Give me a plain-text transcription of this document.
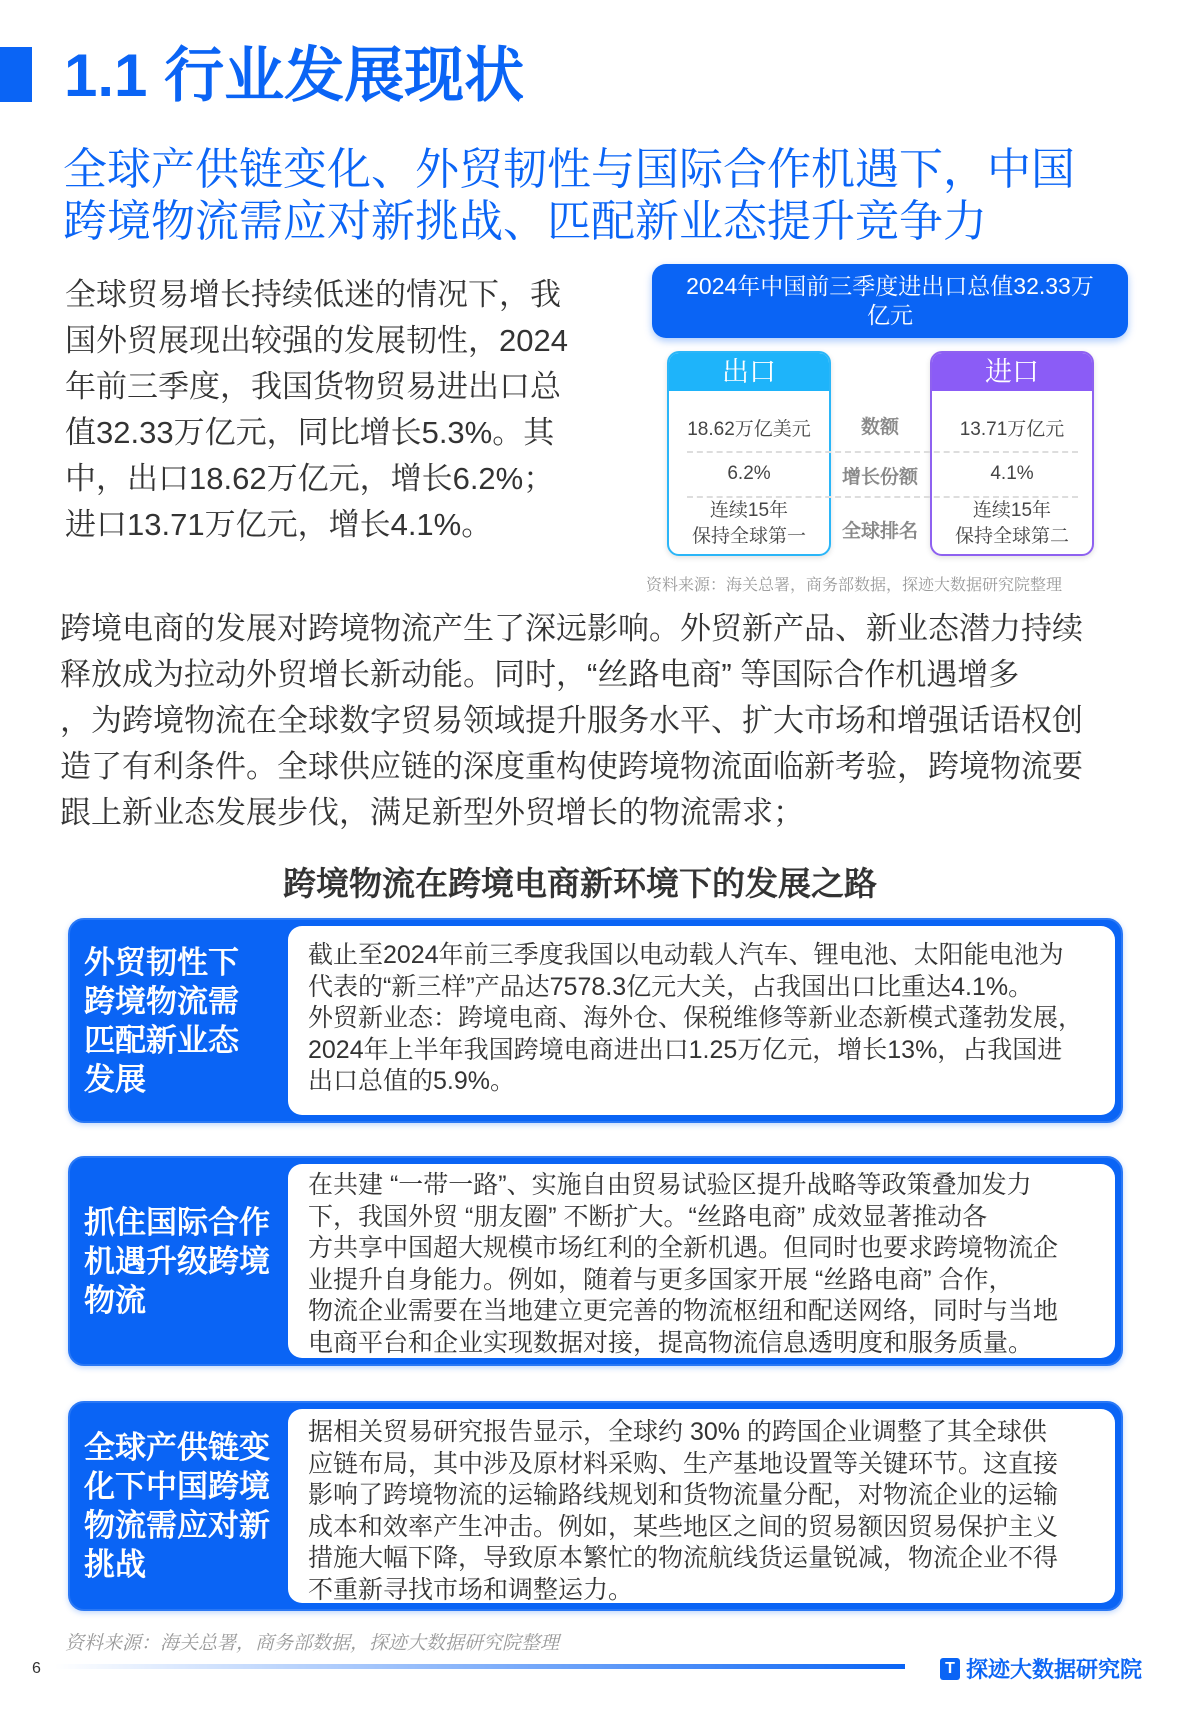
1.1 行业发展现状
全球产供链变化、外贸韧性与国际合作机遇下，中国
跨境物流需应对新挑战、匹配新业态提升竞争力
全球贸易增长持续低迷的情况下，我
国外贸展现出较强的发展韧性，2024
年前三季度，我国货物贸易进出口总
值32.33万亿元，同比增长5.3%。其
中，出口18.62万亿元，增长6.2%；
进口13.71万亿元，增长4.1%。
2024年中国前三季度进出口总值32.33万
亿元
出口
18.62万亿美元
6.2%
连续15年
保持全球第一
进口
13.71万亿元
4.1%
连续15年
保持全球第二
数额
增长份额
全球排名
资料来源：海关总署，商务部数据，探迹大数据研究院整理
跨境电商的发展对跨境物流产生了深远影响。外贸新产品、新业态潜力持续
释放成为拉动外贸增长新动能。同时，“丝路电商” 等国际合作机遇增多
，为跨境物流在全球数字贸易领域提升服务水平、扩大市场和增强话语权创
造了有利条件。全球供应链的深度重构使跨境物流面临新考验，跨境物流要
跟上新业态发展步伐，满足新型外贸增长的物流需求；
跨境物流在跨境电商新环境下的发展之路
外贸韧性下
跨境物流需
匹配新业态
发展
截止至2024年前三季度我国以电动载人汽车、锂电池、太阳能电池为
代表的“新三样”产品达7578.3亿元大关，占我国出口比重达4.1%。
外贸新业态：跨境电商、海外仓、保税维修等新业态新模式蓬勃发展，
2024年上半年我国跨境电商进出口1.25万亿元，增长13%，占我国进
出口总值的5.9%。
抓住国际合作
机遇升级跨境
物流
在共建 “一带一路”、实施自由贸易试验区提升战略等政策叠加发力
下，我国外贸 “朋友圈” 不断扩大。“丝路电商” 成效显著推动各
方共享中国超大规模市场红利的全新机遇。但同时也要求跨境物流企
业提升自身能力。例如，随着与更多国家开展 “丝路电商” 合作，
物流企业需要在当地建立更完善的物流枢纽和配送网络，同时与当地
电商平台和企业实现数据对接，提高物流信息透明度和服务质量。
全球产供链变
化下中国跨境
物流需应对新
挑战
据相关贸易研究报告显示，全球约 30% 的跨国企业调整了其全球供
应链布局，其中涉及原材料采购、生产基地设置等关键环节。这直接
影响了跨境物流的运输路线规划和货物流量分配，对物流企业的运输
成本和效率产生冲击。例如，某些地区之间的贸易额因贸易保护主义
措施大幅下降，导致原本繁忙的物流航线货运量锐减，物流企业不得
不重新寻找市场和调整运力。
资料来源：海关总署，商务部数据，探迹大数据研究院整理
6	T 探迹大数据研究院
